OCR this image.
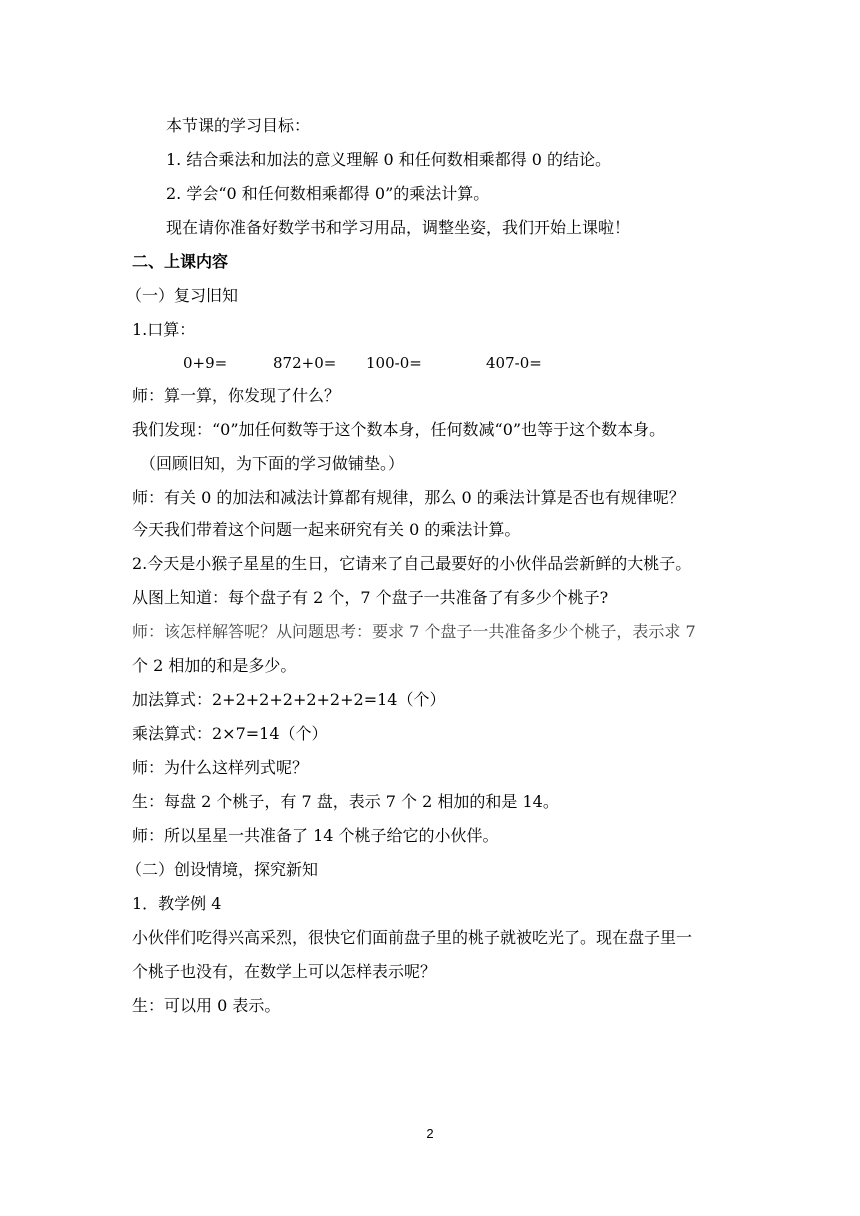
本节课的学习目标：
1. 结合乘法和加法的意义理解 0 和任何数相乘都得 0 的结论。
2. 学会“0 和任何数相乘都得 0”的乘法计算。
现在请你准备好数学书和学习用品，调整坐姿，我们开始上课啦！
二、上课内容
（一）复习旧知
1.口算：
0+9=	872+0= 100-0=	407-0=
师：算一算，你发现了什么？
我们发现：“0”加任何数等于这个数本身，任何数减“0”也等于这个数本身。
（回顾旧知，为下面的学习做铺垫。）
师：有关 0 的加法和减法计算都有规律，那么 0 的乘法计算是否也有规律呢？
今天我们带着这个问题一起来研究有关 0 的乘法计算。
2.今天是小猴子星星的生日，它请来了自己最要好的小伙伴品尝新鲜的大桃子。
从图上知道：每个盘子有 2 个，7 个盘子一共准备了有多少个桃子?
师：该怎样解答呢？从问题思考：要求 7 个盘子一共准备多少个桃子，表示求 7
个 2 相加的和是多少。
加法算式：2+2+2+2+2+2+2=14（个）
乘法算式：2×7=14（个）
师：为什么这样列式呢？
生：每盘 2 个桃子，有 7 盘，表示 7 个 2 相加的和是 14。
师：所以星星一共准备了 14 个桃子给它的小伙伴。
（二）创设情境，探究新知
1．教学例 4
小伙伴们吃得兴高采烈，很快它们面前盘子里的桃子就被吃光了。现在盘子里一
个桃子也没有，在数学上可以怎样表示呢？
生：可以用 0 表示。
2
